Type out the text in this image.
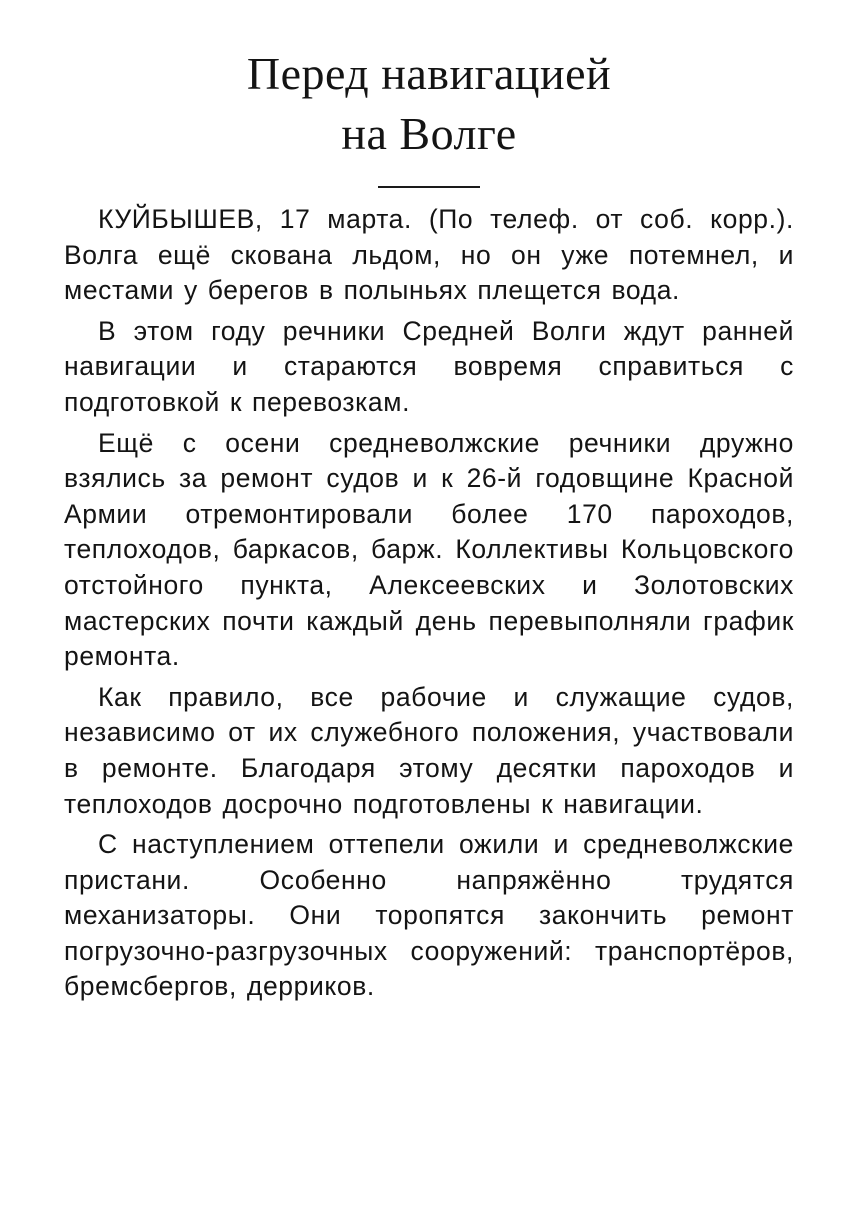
Перед навигацией
на Волге

КУЙБЫШЕВ, 17 марта. (По телеф. от соб. корр.). Волга ещё скована льдом, но он уже потемнел, и местами у берегов в полыньях плещется вода.

В этом году речники Средней Волги ждут ранней навигации и стараются вовремя справиться с подготовкой к перевозкам.

Ещё с осени средневолжские речники дружно взялись за ремонт судов и к 26-й годовщине Красной Армии отремонтировали более 170 пароходов, теплоходов, баркасов, барж. Коллективы Кольцовского отстойного пункта, Алексеевских и Золотовских мастерских почти каждый день перевыполняли график ремонта.

Как правило, все рабочие и служащие судов, независимо от их служебного положения, участвовали в ремонте. Благодаря этому десятки пароходов и теплоходов досрочно подготовлены к навигации.

С наступлением оттепели ожили и средневолжские пристани. Особенно напряжённо трудятся механизаторы. Они торопятся закончить ремонт погрузочно-разгрузочных сооружений: транспортёров, бремсбергов, дерриков.
